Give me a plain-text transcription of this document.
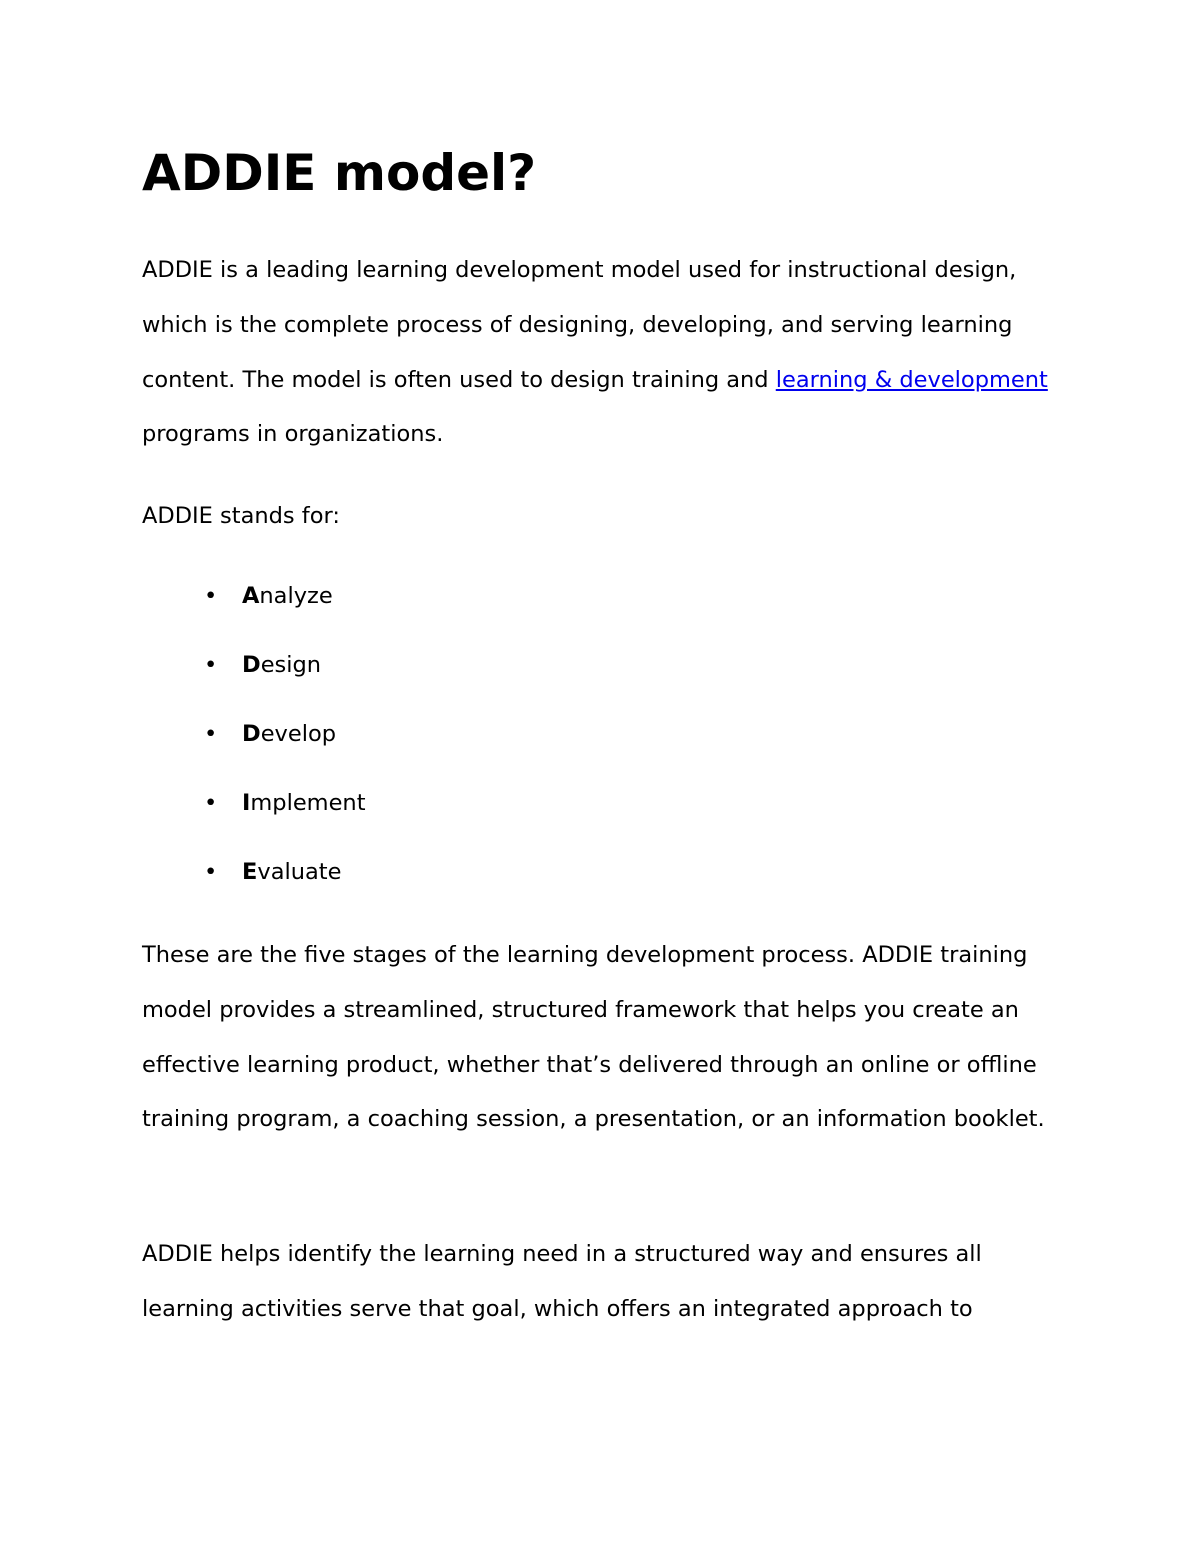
ADDIE model?

ADDIE is a leading learning development model used for instructional design, which is the complete process of designing, developing, and serving learning content. The model is often used to design training and learning & development programs in organizations.

ADDIE stands for:

• Analyze
• Design
• Develop
• Implement
• Evaluate

These are the five stages of the learning development process. ADDIE training model provides a streamlined, structured framework that helps you create an effective learning product, whether that’s delivered through an online or offline training program, a coaching session, a presentation, or an information booklet.

ADDIE helps identify the learning need in a structured way and ensures all learning activities serve that goal, which offers an integrated approach to
